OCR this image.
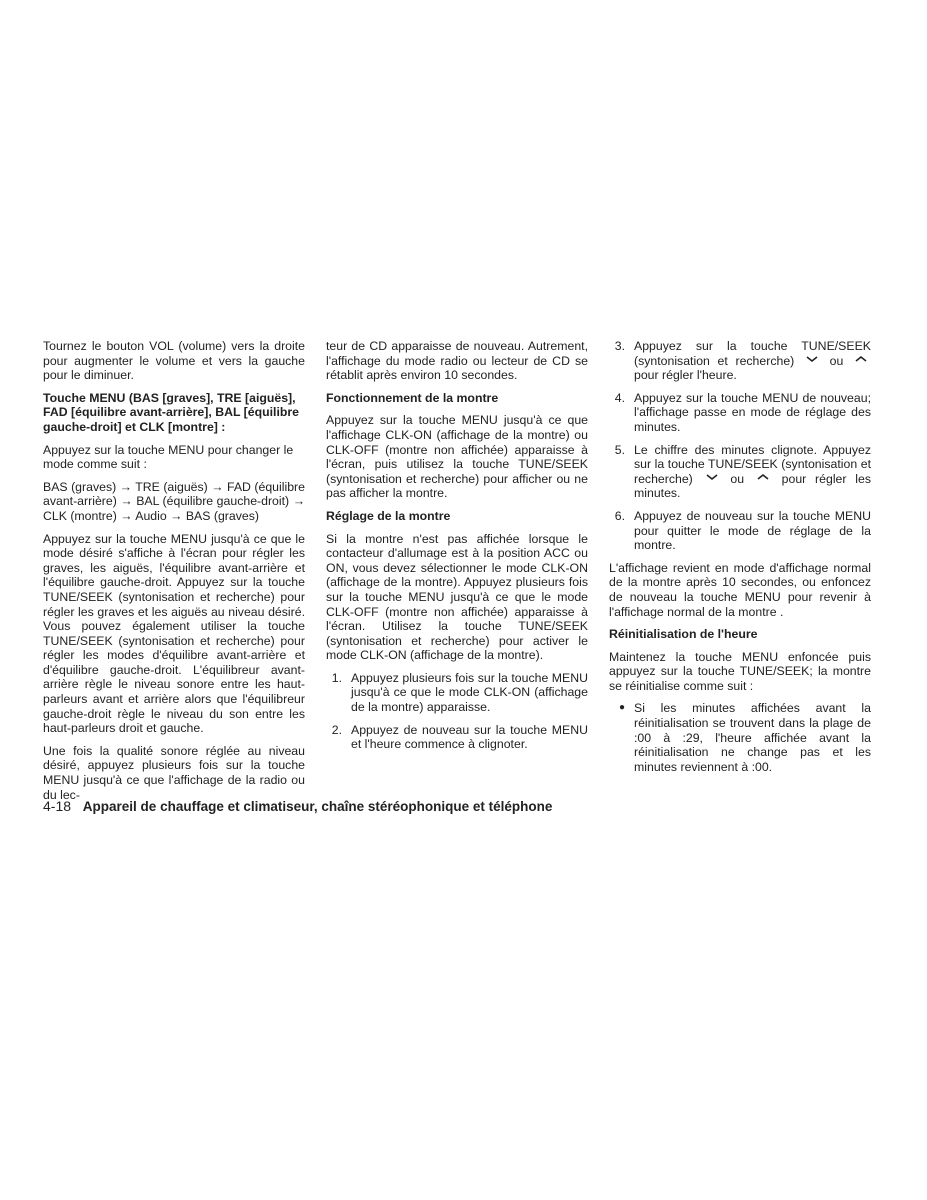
Tournez le bouton VOL (volume) vers la droite pour augmenter le volume et vers la gauche pour le diminuer.

Touche MENU (BAS [graves], TRE [aiguës], FAD [équilibre avant-arrière], BAL [équilibre gauche-droit] et CLK [montre] :

Appuyez sur la touche MENU pour changer le mode comme suit :

BAS (graves) → TRE (aiguës) → FAD (équilibre avant-arrière) → BAL (équilibre gauche-droit) → CLK (montre) → Audio → BAS (graves)

Appuyez sur la touche MENU jusqu'à ce que le mode désiré s'affiche à l'écran pour régler les graves, les aiguës, l'équilibre avant-arrière et l'équilibre gauche-droit. Appuyez sur la touche TUNE/SEEK (syntonisation et recherche) pour régler les graves et les aiguës au niveau désiré. Vous pouvez également utiliser la touche TUNE/SEEK (syntonisation et recherche) pour régler les modes d'équilibre avant-arrière et d'équilibre gauche-droit. L'équilibreur avant-arrière règle le niveau sonore entre les haut-parleurs avant et arrière alors que l'équilibreur gauche-droit règle le niveau du son entre les haut-parleurs droit et gauche.

Une fois la qualité sonore réglée au niveau désiré, appuyez plusieurs fois sur la touche MENU jusqu'à ce que l'affichage de la radio ou du lec-

teur de CD apparaisse de nouveau. Autrement, l'affichage du mode radio ou lecteur de CD se rétablit après environ 10 secondes.

Fonctionnement de la montre

Appuyez sur la touche MENU jusqu'à ce que l'affichage CLK-ON (affichage de la montre) ou CLK-OFF (montre non affichée) apparaisse à l'écran, puis utilisez la touche TUNE/SEEK (syntonisation et recherche) pour afficher ou ne pas afficher la montre.

Réglage de la montre

Si la montre n'est pas affichée lorsque le contacteur d'allumage est à la position ACC ou ON, vous devez sélectionner le mode CLK-ON (affichage de la montre). Appuyez plusieurs fois sur la touche MENU jusqu'à ce que le mode CLK-OFF (montre non affichée) apparaisse à l'écran. Utilisez la touche TUNE/SEEK (syntonisation et recherche) pour activer le mode CLK-ON (affichage de la montre).

1. Appuyez plusieurs fois sur la touche MENU jusqu'à ce que le mode CLK-ON (affichage de la montre) apparaisse.
2. Appuyez de nouveau sur la touche MENU et l'heure commence à clignoter.
3. Appuyez sur la touche TUNE/SEEK (syntonisation et recherche)	ou  pour régler l'heure.
4. Appuyez sur la touche MENU de nouveau; l'affichage passe en mode de réglage des minutes.
5. Le chiffre des minutes clignote. Appuyez sur la touche TUNE/SEEK (syntonisation et recherche)	ou	pour régler les minutes.
6. Appuyez de nouveau sur la touche MENU pour quitter le mode de réglage de la montre.

L'affichage revient en mode d'affichage normal de la montre après 10 secondes, ou enfoncez de nouveau la touche MENU pour revenir à l'affichage normal de la montre .

Réinitialisation de l'heure

Maintenez la touche MENU enfoncée puis appuyez sur la touche TUNE/SEEK; la montre se réinitialise comme suit :

● Si les minutes affichées avant la réinitialisation se trouvent dans la plage de :00 à :29, l'heure affichée avant la réinitialisation ne change pas et les minutes reviennent à :00.
4-18 Appareil de chauffage et climatiseur, chaîne stéréophonique et téléphone
